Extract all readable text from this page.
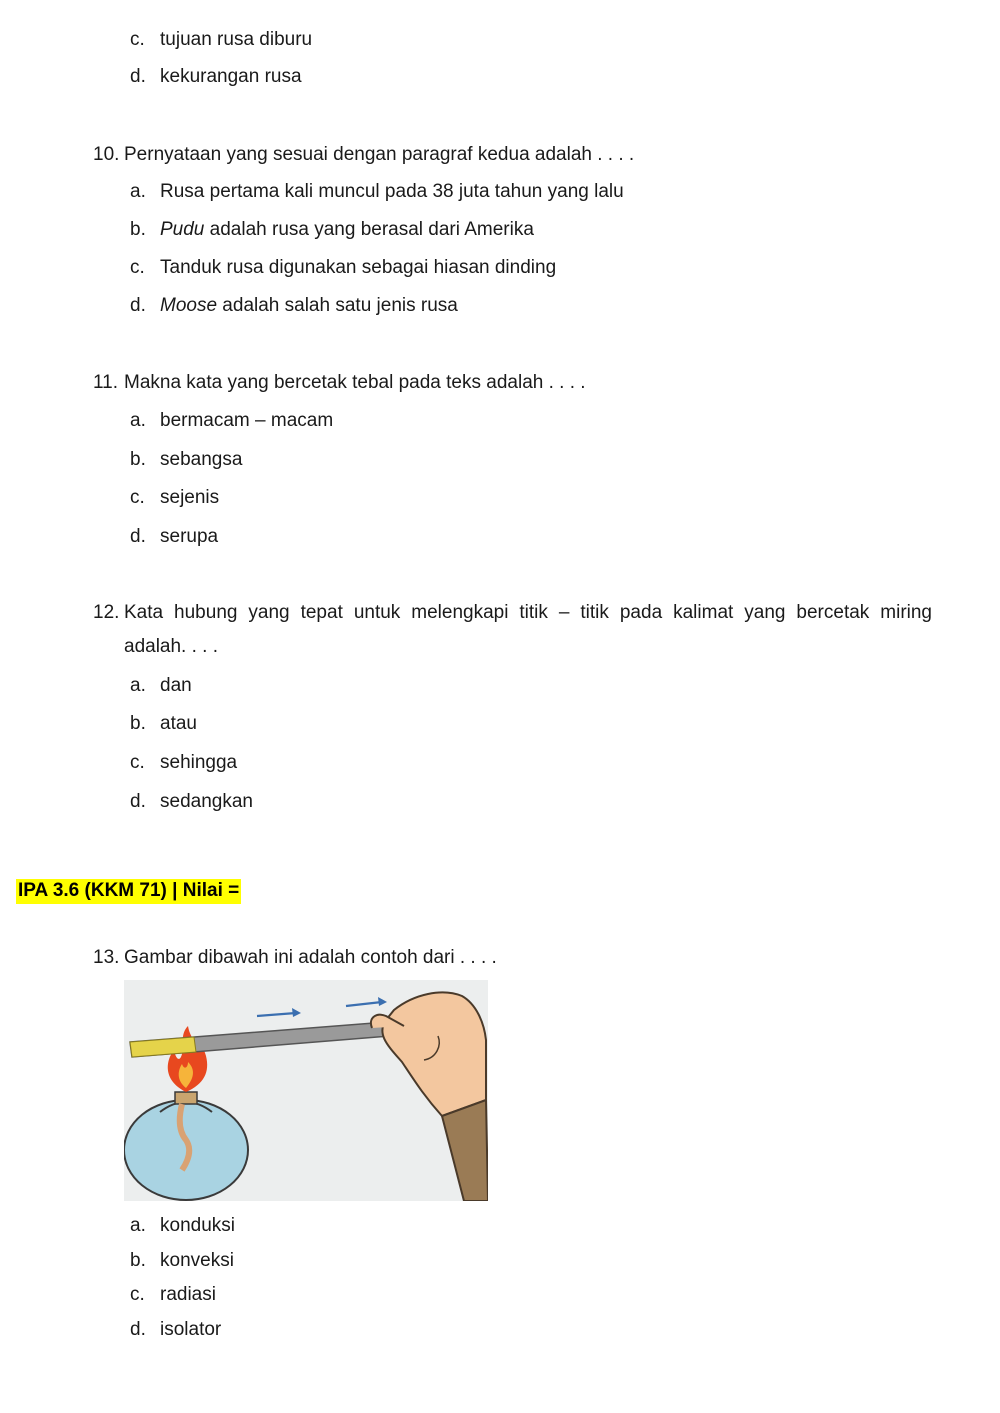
c. tujuan rusa diburu
d. kekurangan rusa
10. Pernyataan yang sesuai dengan paragraf kedua adalah . . . .
a. Rusa pertama kali muncul pada 38 juta tahun yang lalu
b. Pudu adalah rusa yang berasal dari Amerika
c. Tanduk rusa digunakan sebagai hiasan dinding
d. Moose adalah salah satu jenis rusa
11. Makna kata yang bercetak tebal pada teks adalah . . . .
a. bermacam – macam
b. sebangsa
c. sejenis
d. serupa
12. Kata hubung yang tepat untuk melengkapi titik – titik pada kalimat yang bercetak miring
adalah. . . .
a. dan
b. atau
c. sehingga
d. sedangkan
IPA 3.6 (KKM 71) | Nilai =
13. Gambar dibawah ini adalah contoh dari . . . .
a. konduksi
b. konveksi
c. radiasi
d. isolator
